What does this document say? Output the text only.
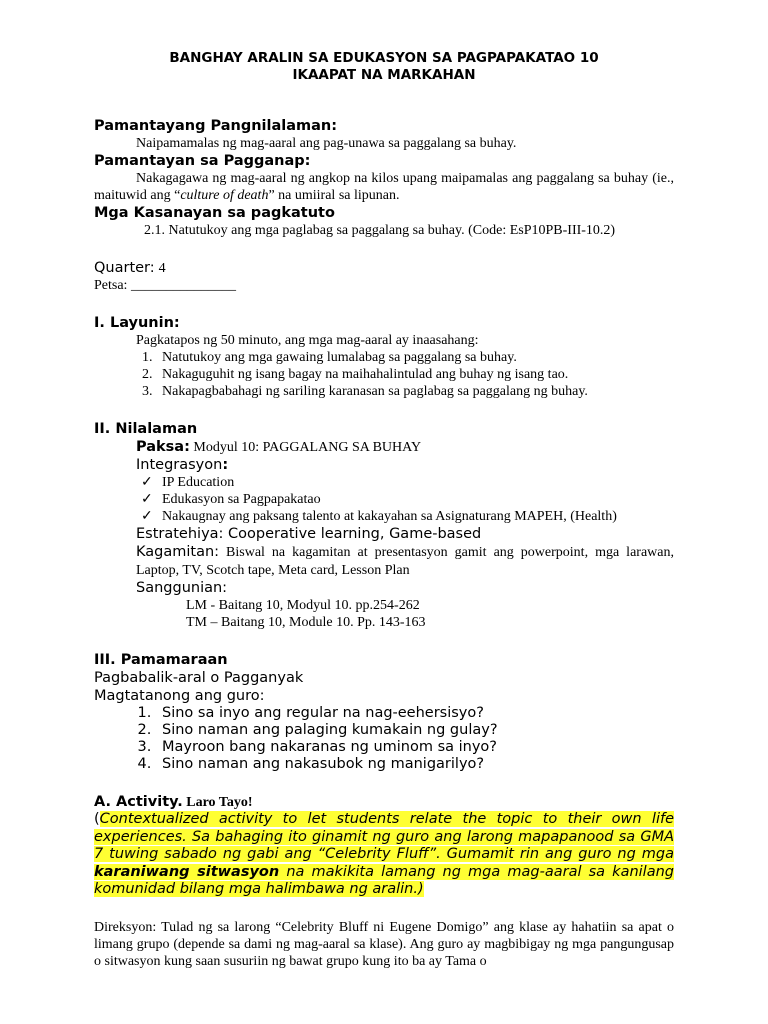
BANGHAY ARALIN SA EDUKASYON SA PAGPAPAKATAO 10
IKAAPAT NA MARKAHAN
Pamantayang Pangnilalaman:
Naipamamalas ng mag-aaral ang pag-unawa sa paggalang sa buhay.
Pamantayan sa Pagganap:
Nakagagawa ng mag-aaral ng angkop na kilos upang maipamalas ang paggalang sa buhay (ie., maituwid ang “culture of death” na umiiral sa lipunan.
Mga Kasanayan sa pagkatuto
2.1. Natutukoy ang mga paglabag sa paggalang sa buhay. (Code: EsP10PB-III-10.2)
Quarter: 4
Petsa: _______________
I. Layunin:
Pagkatapos ng 50 minuto, ang mga mag-aaral ay inaasahang:
1. Natutukoy ang mga gawaing lumalabag sa paggalang sa buhay.
2. Nakaguguhit ng isang bagay na maihahalintulad ang buhay ng isang tao.
3. Nakapagbabahagi ng sariling karanasan sa paglabag sa paggalang ng buhay.
II. Nilalaman
Paksa: Modyul 10: PAGGALANG SA BUHAY
Integrasyon:
✓ IP Education
✓ Edukasyon sa Pagpapakatao
✓ Nakaugnay ang paksang talento at kakayahan sa Asignaturang MAPEH, (Health)
Estratehiya: Cooperative learning, Game-based
Kagamitan: Biswal na kagamitan at presentasyon gamit ang powerpoint, mga larawan, Laptop, TV, Scotch tape, Meta card, Lesson Plan
Sanggunian:
LM - Baitang 10, Modyul 10. pp.254-262
TM – Baitang 10, Module 10. Pp. 143-163
III. Pamamaraan
Pagbabalik-aral o Pagganyak
Magtatanong ang guro:
1. Sino sa inyo ang regular na nag-eehersisyo?
2. Sino naman ang palaging kumakain ng gulay?
3. Mayroon bang nakaranas ng uminom sa inyo?
4. Sino naman ang nakasubok ng manigarilyo?
A. Activity. Laro Tayo!
(Contextualized activity to let students relate the topic to their own life experiences. Sa bahaging ito ginamit ng guro ang larong mapapanood sa GMA 7 tuwing sabado ng gabi ang “Celebrity Fluff”. Gumamit rin ang guro ng mga karaniwang sitwasyon na makikita lamang ng mga mag-aaral sa kanilang komunidad bilang mga halimbawa ng aralin.)
Direksyon: Tulad ng sa larong “Celebrity Bluff ni Eugene Domigo” ang klase ay hahatiin sa apat o limang grupo (depende sa dami ng mag-aaral sa klase). Ang guro ay magbibigay ng mga pangungusap o sitwasyon kung saan susuriin ng bawat grupo kung ito ba ay Tama o
